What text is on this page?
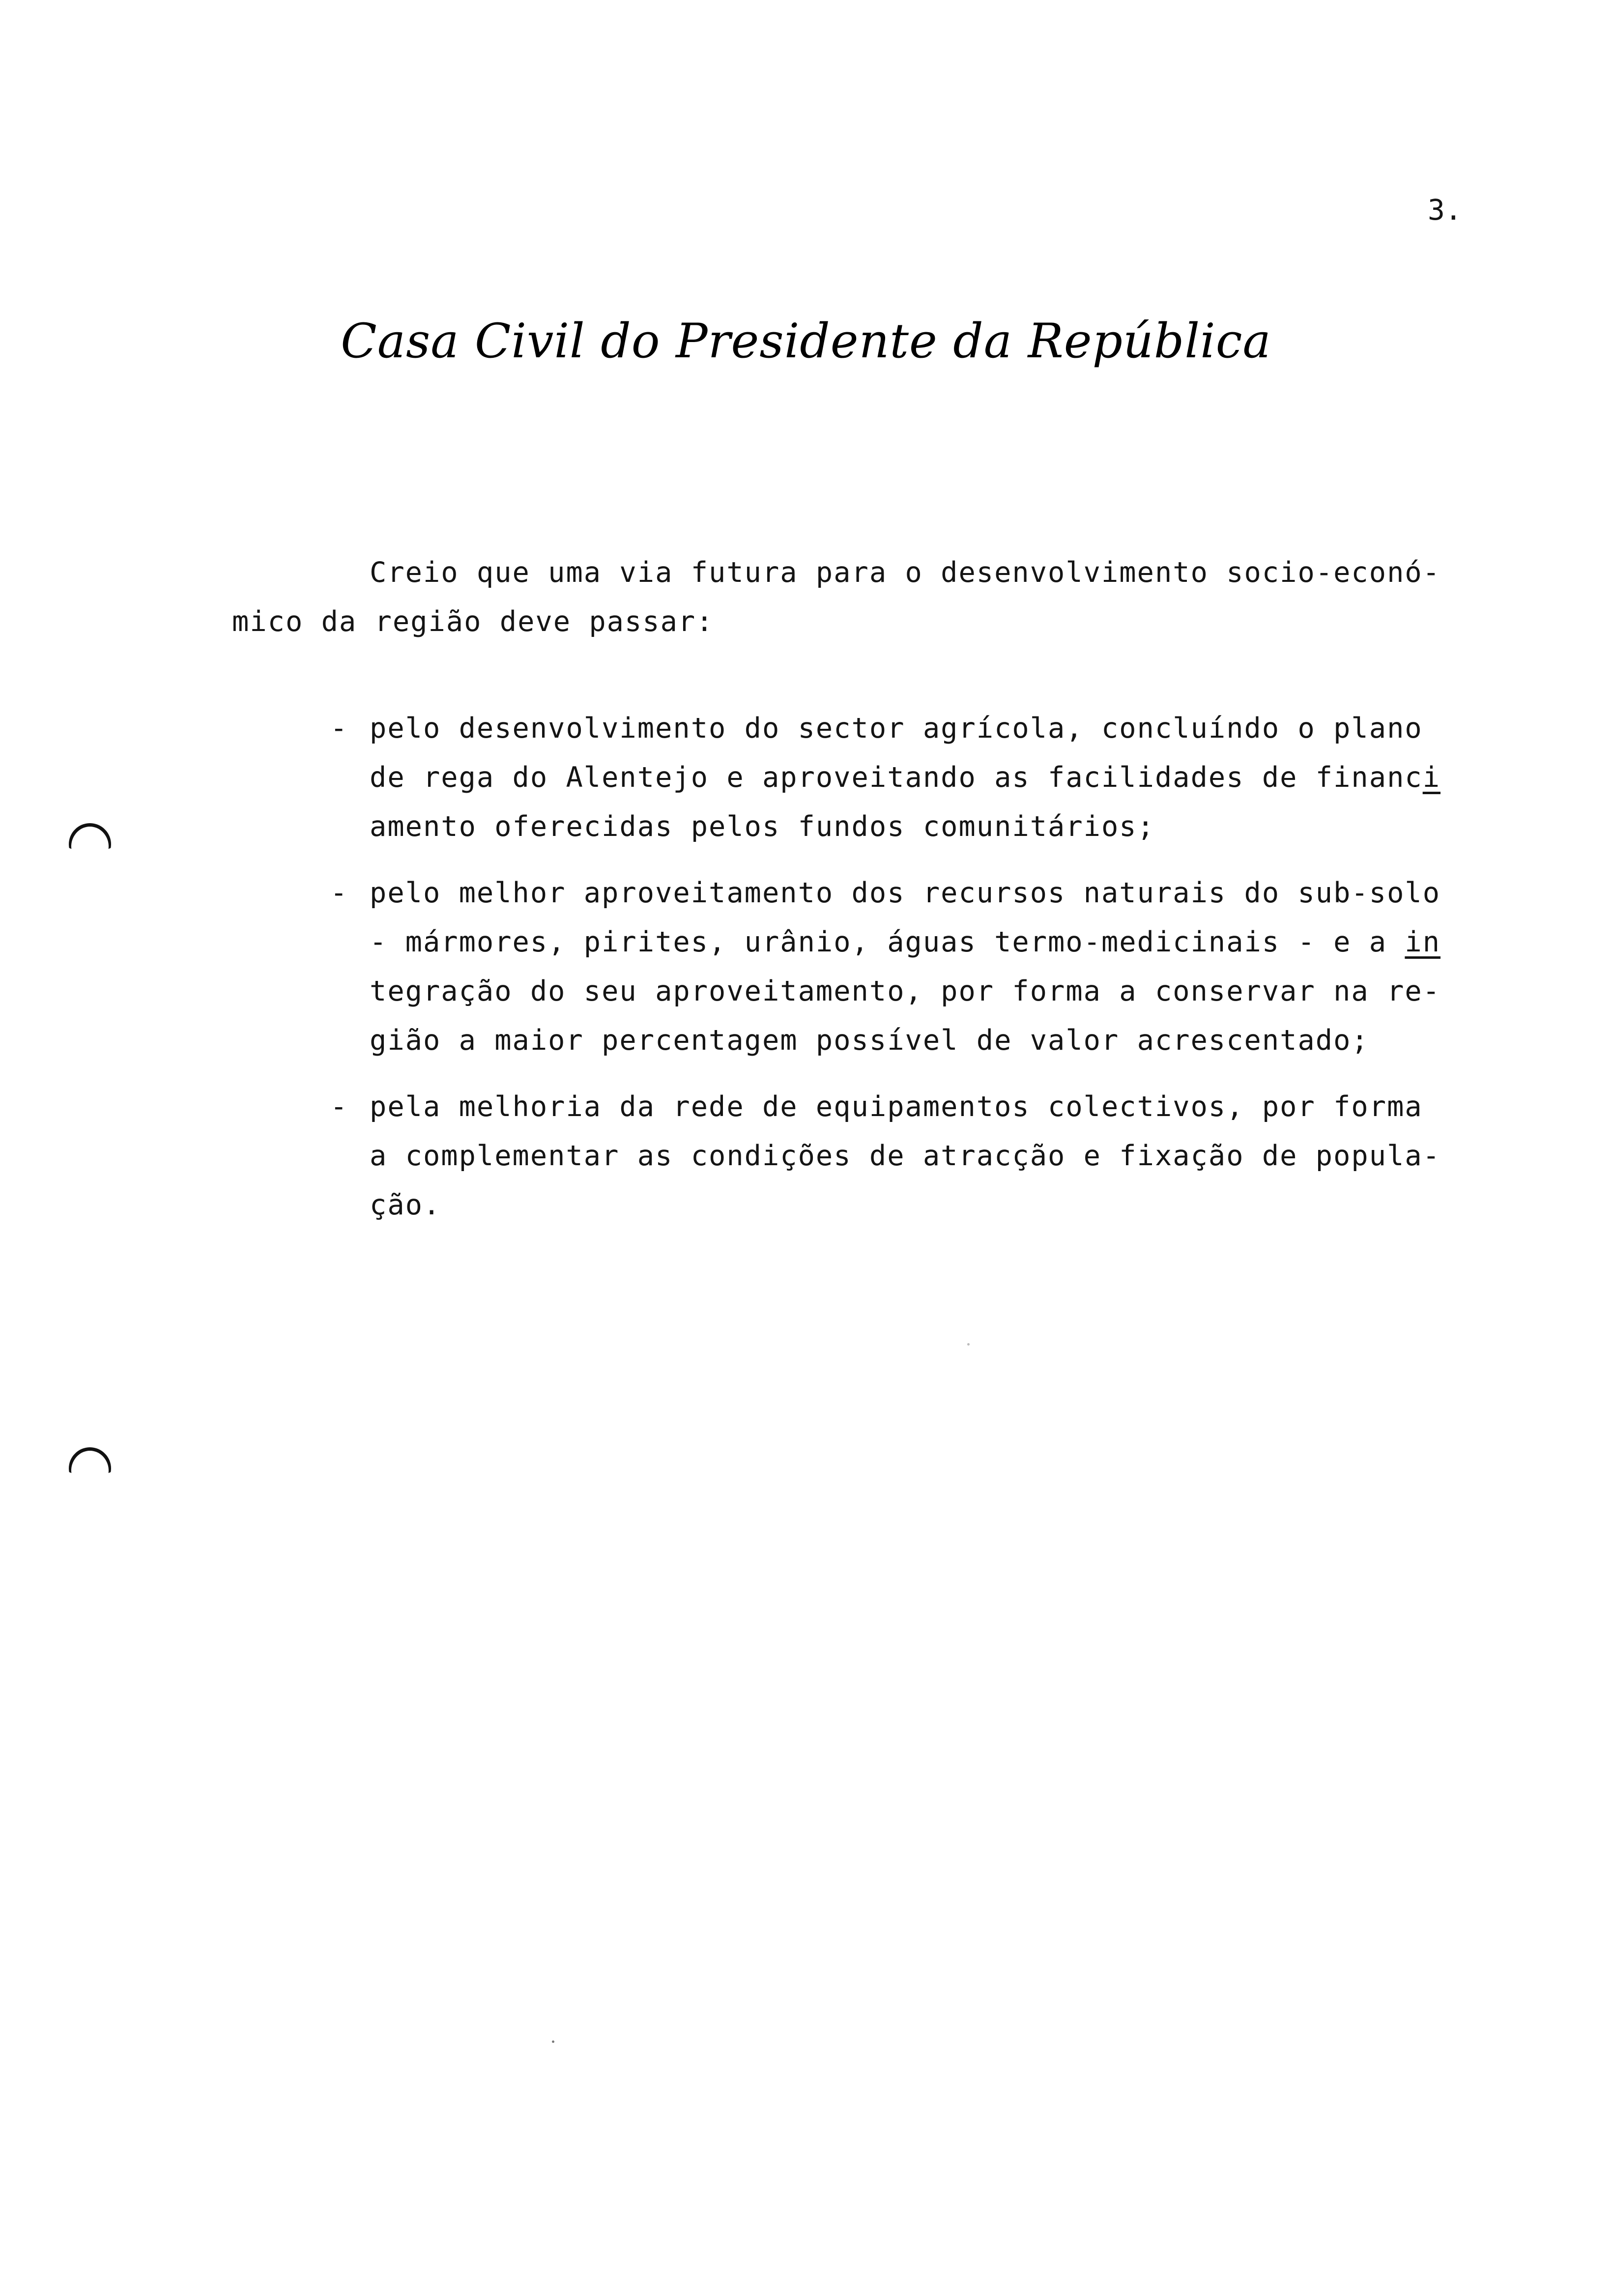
3.
Casa Civil do Presidente da República
Creio que uma via futura para o desenvolvimento socio-econó-
mico da região deve passar:
- pelo desenvolvimento do sector agrícola, concluíndo o plano
de rega do Alentejo e aproveitando as facilidades de financi
amento oferecidas pelos fundos comunitários;
- pelo melhor aproveitamento dos recursos naturais do sub-solo
- mármores, pirites, urânio, águas termo-medicinais - e a in
tegração do seu aproveitamento, por forma a conservar na re-
gião a maior percentagem possível de valor acrescentado;
- pela melhoria da rede de equipamentos colectivos, por forma
a complementar as condições de atracção e fixação de popula-
ção.
